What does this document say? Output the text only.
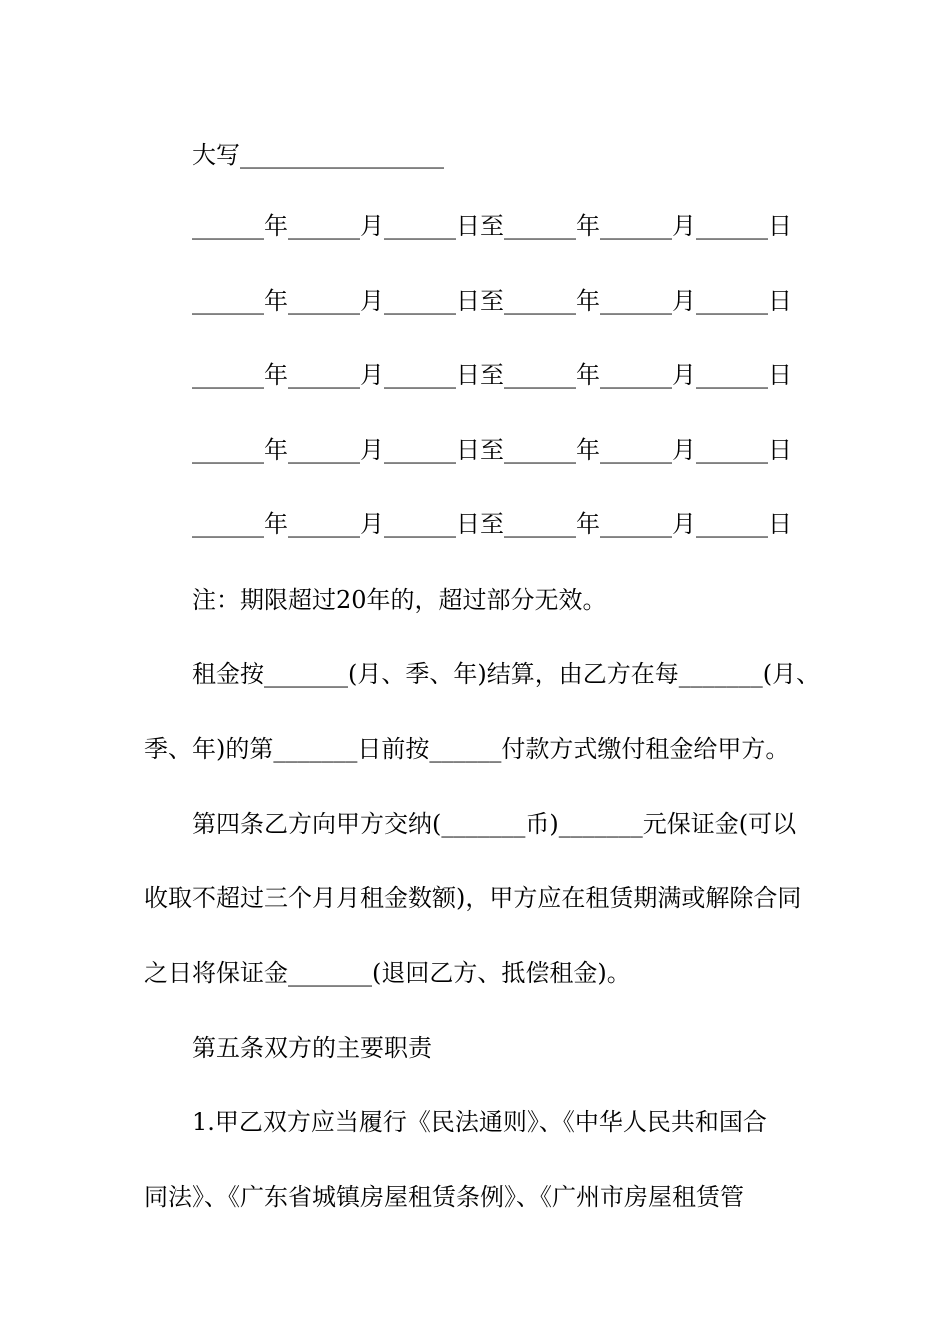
大写_________________
______年______月______日至______年______月______日
______年______月______日至______年______月______日
______年______月______日至______年______月______日
______年______月______日至______年______月______日
______年______月______日至______年______月______日
注：期限超过20年的，超过部分无效。
租金按_______(月、季、年)结算，由乙方在每_______(月、
季、年)的第_______日前按______付款方式缴付租金给甲方。
第四条乙方向甲方交纳(_______币)_______元保证金(可以
收取不超过三个月月租金数额)，甲方应在租赁期满或解除合同
之日将保证金_______(退回乙方、抵偿租金)。
第五条双方的主要职责
1.甲乙双方应当履行《民法通则》、《中华人民共和国合
同法》、《广东省城镇房屋租赁条例》、《广州市房屋租赁管
